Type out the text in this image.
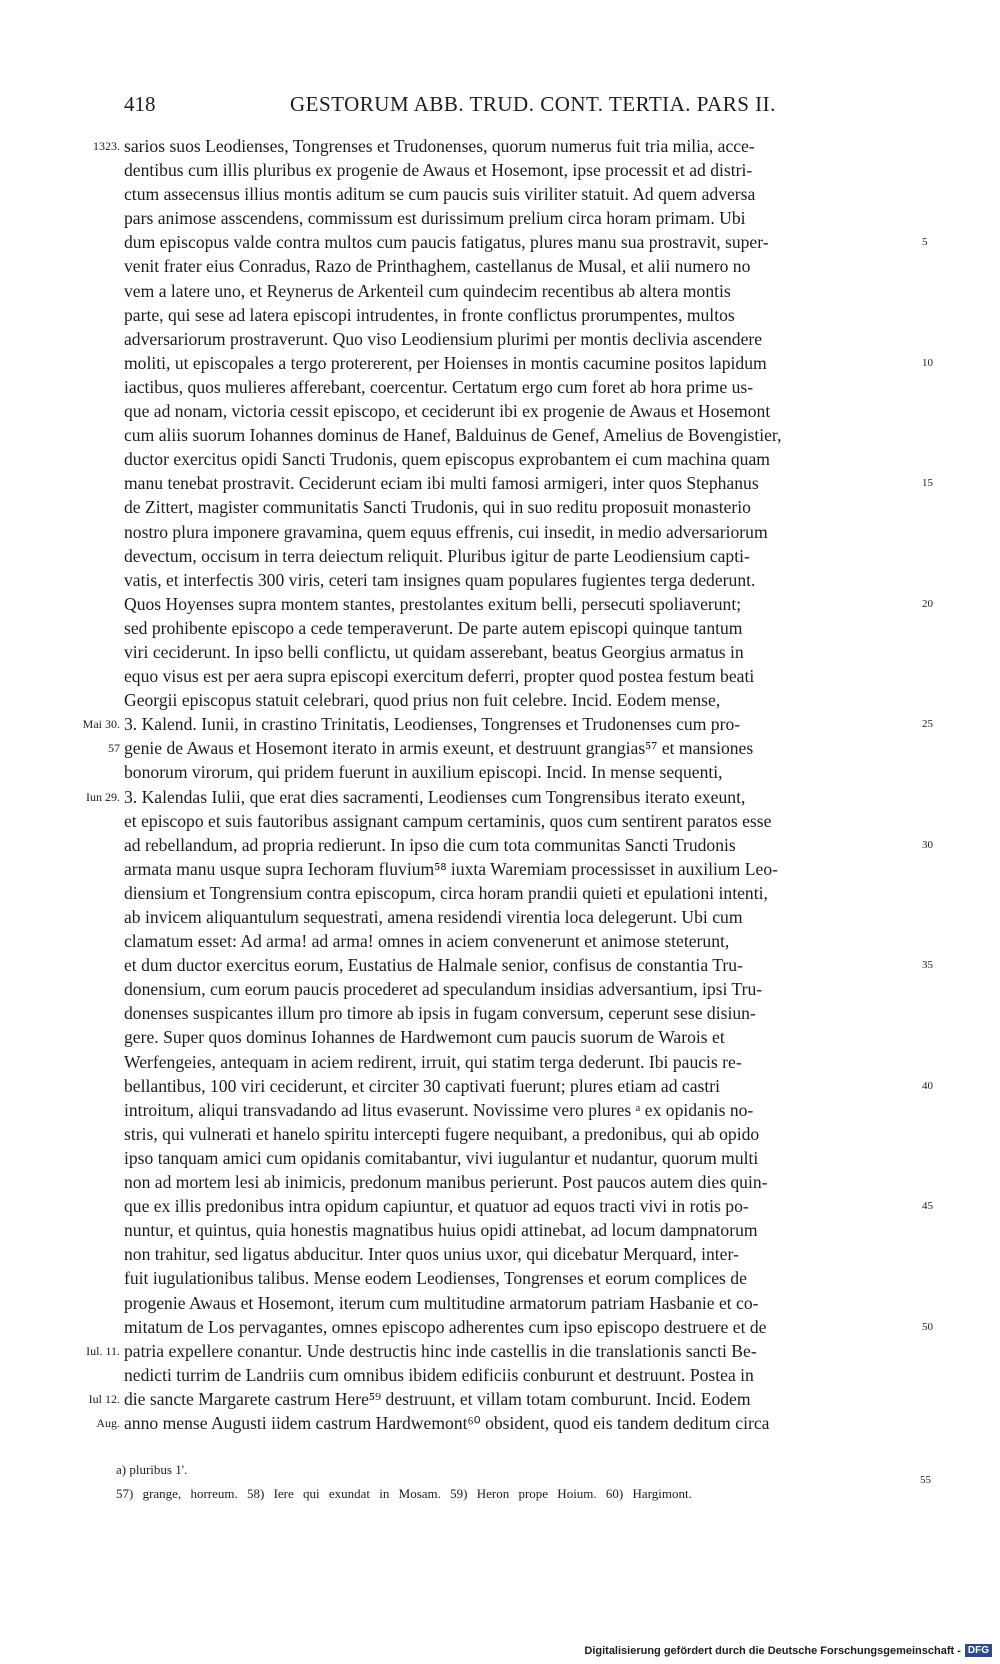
418	GESTORUM ABB. TRUD. CONT. TERTIA. PARS II.
1323. sarios suos Leodienses, Tongrenses et Trudonenses, quorum numerus fuit tria milia, acce-
dentibus cum illis pluribus ex progenie de Awaus et Hosemont, ipse processit et ad distri-
ctum assecensus illius montis aditum se cum paucis suis viriliter statuit. Ad quem adversa
pars animose asscendens, commissum est durissimum prelium circa horam primam. Ubi
dum episcopus valde contra multos cum paucis fatigatus, plures manu sua prostravit, super-	5
venit frater eius Conradus, Razo de Printhaghem, castellanus de Musal, et alii numero no
vem a latere uno, et Reynerus de Arkenteil cum quindecim recentibus ab altera montis
parte, qui sese ad latera episcopi intrudentes, in fronte conflictus prorumpentes, multos
adversariorum prostraverunt. Quo viso Leodiensium plurimi per montis declivia ascendere
moliti, ut episcopales a tergo protererent, per Hoienses in montis cacumine positos lapidum	10
iactibus, quos mulieres afferebant, coercentur. Certatum ergo cum foret ab hora prime us-
que ad nonam, victoria cessit episcopo, et ceciderunt ibi ex progenie de Awaus et Hosemont
cum aliis suorum Iohannes dominus de Hanef, Balduinus de Genef, Amelius de Bovengistier,
ductor exercitus opidi Sancti Trudonis, quem episcopus exprobantem ei cum machina quam
manu tenebat prostravit. Ceciderunt eciam ibi multi famosi armigeri, inter quos Stephanus	15
de Zittert, magister communitatis Sancti Trudonis, qui in suo reditu proposuit monasterio
nostro plura imponere gravamina, quem equus effrenis, cui insedit, in medio adversariorum
devectum, occisum in terra deiectum reliquit. Pluribus igitur de parte Leodiensium capti-
vatis, et interfectis 300 viris, ceteri tam insignes quam populares fugientes terga dederunt.
Quos Hoyenses supra montem stantes, prestolantes exitum belli, persecuti spoliaverunt;	20
sed prohibente episcopo a cede temperaverunt. De parte autem episcopi quinque tantum
viri ceciderunt. In ipso belli conflictu, ut quidam asserebant, beatus Georgius armatus in
equo visus est per aera supra episcopi exercitum deferri, propter quod postea festum beati
Georgii episcopus statuit celebrari, quod prius non fuit celebre. Incid. Eodem mense,
Mai 30. 3. Kalend. Iunii, in crastino Trinitatis, Leodienses, Tongrenses et Trudonenses cum pro-	25
57 genie de Awaus et Hosemont iterato in armis exeunt, et destruunt grangias⁵⁷ et mansiones
bonorum virorum, qui pridem fuerunt in auxilium episcopi. Incid. In mense sequenti,
Iun 29. 3. Kalendas Iulii, que erat dies sacramenti, Leodienses cum Tongrensibus iterato exeunt,
et episcopo et suis fautoribus assignant campum certaminis, quos cum sentirent paratos esse
ad rebellandum, ad propria redierunt. In ipso die cum tota communitas Sancti Trudonis	30
armata manu usque supra Iechoram fluvium⁵⁸ iuxta Waremiam processisset in auxilium Leo-
diensium et Tongrensium contra episcopum, circa horam prandii quieti et epulationi intenti,
ab invicem aliquantulum sequestrati, amena residendi virentia loca delegerunt. Ubi cum
clamatum esset: Ad arma! ad arma! omnes in aciem convenerunt et animose steterunt,
et dum ductor exercitus eorum, Eustatius de Halmale senior, confisus de constantia Tru-	35
donensium, cum eorum paucis procederet ad speculandum insidias adversantium, ipsi Tru-
donenses suspicantes illum pro timore ab ipsis in fugam conversum, ceperunt sese disiun-
gere. Super quos dominus Iohannes de Hardwemont cum paucis suorum de Warois et
Werfengeies, antequam in aciem redirent, irruit, qui statim terga dederunt. Ibi paucis re-
bellantibus, 100 viri ceciderunt, et circiter 30 captivati fuerunt; plures etiam ad castri	40
introitum, aliqui transvadando ad litus evaserunt. Novissime vero plures ᵃ ex opidanis no-
stris, qui vulnerati et hanelo spiritu intercepti fugere nequibant, a predonibus, qui ab opido
ipso tanquam amici cum opidanis comitabantur, vivi iugulantur et nudantur, quorum multi
non ad mortem lesi ab inimicis, predonum manibus perierunt. Post paucos autem dies quin-
que ex illis predonibus intra opidum capiuntur, et quatuor ad equos tracti vivi in rotis po-	45
nuntur, et quintus, quia honestis magnatibus huius opidi attinebat, ad locum dampnatorum
non trahitur, sed ligatus abducitur. Inter quos unius uxor, qui dicebatur Merquard, inter-
fuit iugulationibus talibus. Mense eodem Leodienses, Tongrenses et eorum complices de
progenie Awaus et Hosemont, iterum cum multitudine armatorum patriam Hasbanie et co-
mitatum de Los pervagantes, omnes episcopo adherentes cum ipso episcopo destruere et de	50
Iul. 11. patria expellere conantur. Unde destructis hinc inde castellis in die translationis sancti Be-
nedicti turrim de Landriis cum omnibus ibidem edificiis conburunt et destruunt. Postea in
Iul 12. die sancte Margarete castrum Here⁵⁹ destruunt, et villam totam comburunt. Incid. Eodem
Aug. anno mense Augusti iidem castrum Hardwemont⁶⁰ obsident, quod eis tandem deditum circa
a) pluribus 1'.
57) grange, horreum. 58) Iere qui exundat in Mosam. 59) Heron prope Hoium. 60) Hargimont.
55
Digitalisierung gefördert durch die Deutsche Forschungsgemeinschaft - DFG
